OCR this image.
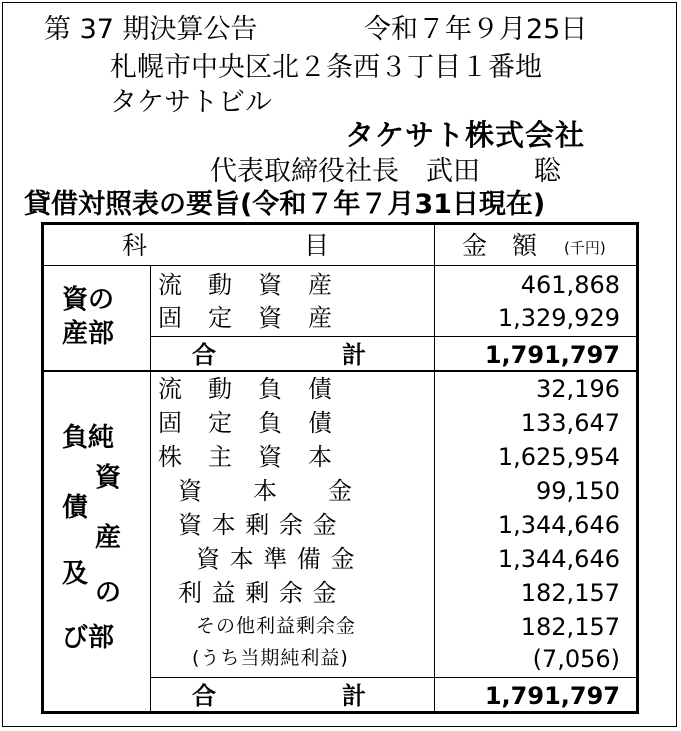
第 37 期決算公告	令和７年９月25日
札幌市中央区北２条西３丁目１番地
タケサトビル
タケサト株式会社
代表取締役社長　武田　　聡
貸借対照表の要旨(令和７年７月31日現在)
科　　　　　　目	金　額 (千円)
資の
産部
流　動　資　産	461,868
固　定　資　産	1,329,929
合　　　　　計	1,791,797
負純
資
債
産
及
の
び部
流　動　負　債	32,196
固　定　負　債	133,647
株　主　資　本	1,625,954
資　　本　　金	99,150
資 本 剰 余 金	1,344,646
資 本 準 備 金	1,344,646
利 益 剰 余 金	182,157
その他利益剰余金	182,157
(うち当期純利益)	(7,056)
合　　　　　計	1,791,797
